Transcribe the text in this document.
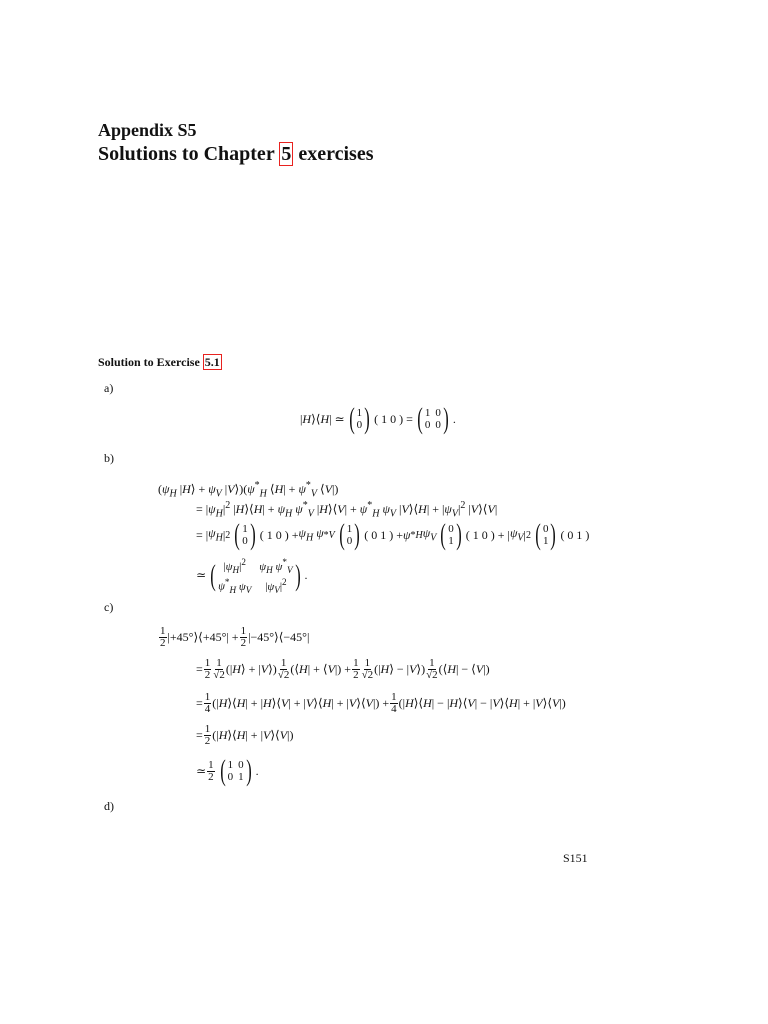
Appendix S5
Solutions to Chapter 5 exercises
Solution to Exercise 5.1
a)
| H ⟩⟨ H | ≃ ( 1
0 ) ( 1 0 ) = ( 1 0
0 0 ) .
b)
($\psi_H$ |H⟩ + $\psi_V$ $|V⟩)(\psi^*_H$ ⟨H| + $\psi^*_V$ ⟨V|)
= $|\psi_H|^2$ |H⟩⟨H| + $\psi_H$ $\psi^*_V$ |H⟩⟨V| + $\psi^*_H$ $\psi_V$ |V⟩⟨H| + $|\psi_V|^2$ |V⟩⟨V|
= | $\psi_H$ | 2 ( 1
0 ) ( 1 0 ) + $\psi_H$ ψ * V ( 1
0 ) ( 0 1 ) + ψ * H $\psi_V$ ( 0
1 ) ( 1 0 ) + | $\psi_V$ | 2 ( 0
1 ) ( 0 1 )
≃ ( $|\psi_H|^2$	$\psi_H$ $\psi^*_V$
$\psi^*_H$ $\psi_V$	$|\psi_V|^2$ ) .
c)
$\frac{1}{2}$ |+45°⟩⟨+45°| + $\frac{1}{2}$ |−45°⟩⟨−45°|
= $\frac{1}{2} \frac{1}{√2}$ (| H ⟩ + | V ⟩) $\frac{1}{√2}$ (⟨ H | + ⟨ V |) + $\frac{1}{2} \frac{1}{√2}$ (| H ⟩ − | V ⟩) $\frac{1}{√2}$ (⟨ H | − ⟨ V |)
= $\frac{1}{4}$ (| H ⟩⟨ H | + | H ⟩⟨ V | + | V ⟩⟨ H | + | V ⟩⟨ V |) + $\frac{1}{4}$ (| H ⟩⟨ H | − | H ⟩⟨ V | − | V ⟩⟨ H | + | V ⟩⟨ V |)
= $\frac{1}{2}$ (| H ⟩⟨ H | + | V ⟩⟨ V |)
≃ $\frac{1}{2}$ ( 1 0
0 1 ) .
d)
S151
